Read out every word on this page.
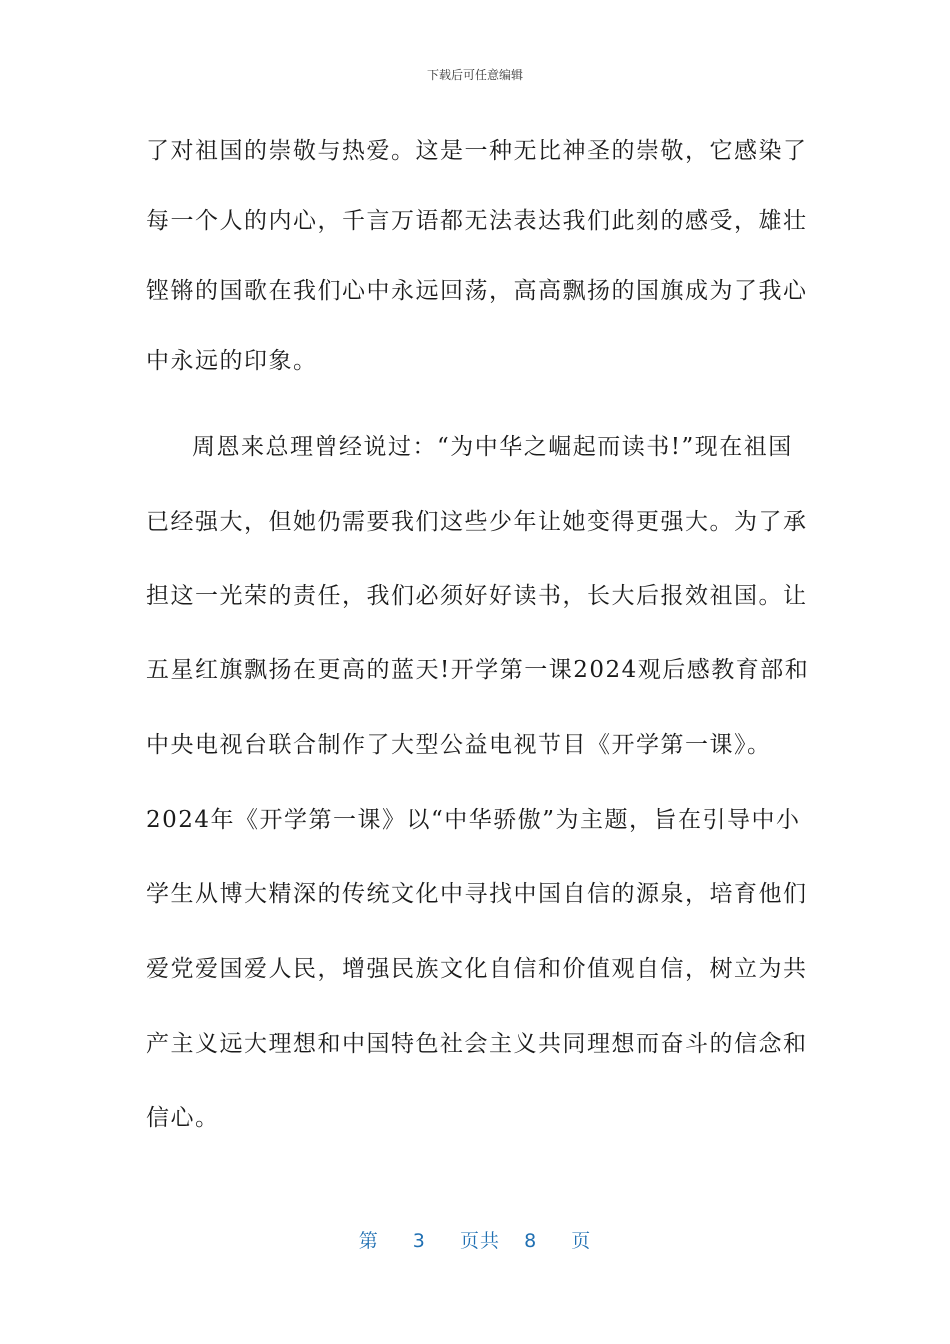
下载后可任意编辑
了对祖国的崇敬与热爱。这是一种无比神圣的崇敬，它感染了
每一个人的内心，千言万语都无法表达我们此刻的感受，雄壮
铿锵的国歌在我们心中永远回荡，高高飘扬的国旗成为了我心
中永远的印象。
周恩来总理曾经说过：“为中华之崛起而读书!”现在祖国
已经强大，但她仍需要我们这些少年让她变得更强大。为了承
担这一光荣的责任，我们必须好好读书，长大后报效祖国。让
五星红旗飘扬在更高的蓝天!开学第一课2024观后感教育部和
中央电视台联合制作了大型公益电视节目《开学第一课》。
2024年《开学第一课》以“中华骄傲”为主题，旨在引导中小
学生从博大精深的传统文化中寻找中国自信的源泉，培育他们
爱党爱国爱人民，增强民族文化自信和价值观自信，树立为共
产主义远大理想和中国特色社会主义共同理想而奋斗的信念和
信心。
第 3 页共 8 页
